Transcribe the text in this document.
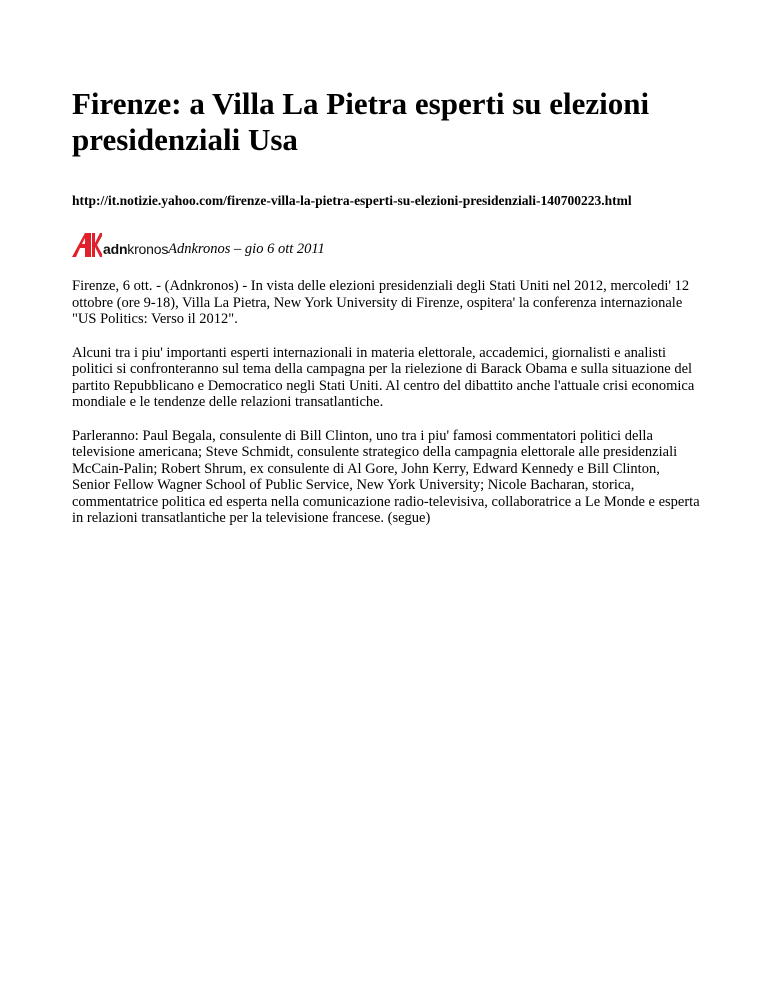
Firenze: a Villa La Pietra esperti su elezioni presidenziali Usa
http://it.notizie.yahoo.com/firenze-villa-la-pietra-esperti-su-elezioni-presidenziali-140700223.html
adnkronos Adnkronos – gio 6 ott 2011

Firenze, 6 ott. - (Adnkronos) - In vista delle elezioni presidenziali degli Stati Uniti nel 2012, mercoledi' 12 ottobre (ore 9-18), Villa La Pietra, New York University di Firenze, ospitera' la conferenza internazionale "US Politics: Verso il 2012".

Alcuni tra i piu' importanti esperti internazionali in materia elettorale, accademici, giornalisti e analisti politici si confronteranno sul tema della campagna per la rielezione di Barack Obama e sulla situazione del partito Repubblicano e Democratico negli Stati Uniti. Al centro del dibattito anche l'attuale crisi economica mondiale e le tendenze delle relazioni transatlantiche.

Parleranno: Paul Begala, consulente di Bill Clinton, uno tra i piu' famosi commentatori politici della televisione americana; Steve Schmidt, consulente strategico della campagnia elettorale alle presidenziali McCain-Palin; Robert Shrum, ex consulente di Al Gore, John Kerry, Edward Kennedy e Bill Clinton, Senior Fellow Wagner School of Public Service, New York University; Nicole Bacharan, storica, commentatrice politica ed esperta nella comunicazione radio-televisiva, collaboratrice a Le Monde e esperta in relazioni transatlantiche per la televisione francese. (segue)
